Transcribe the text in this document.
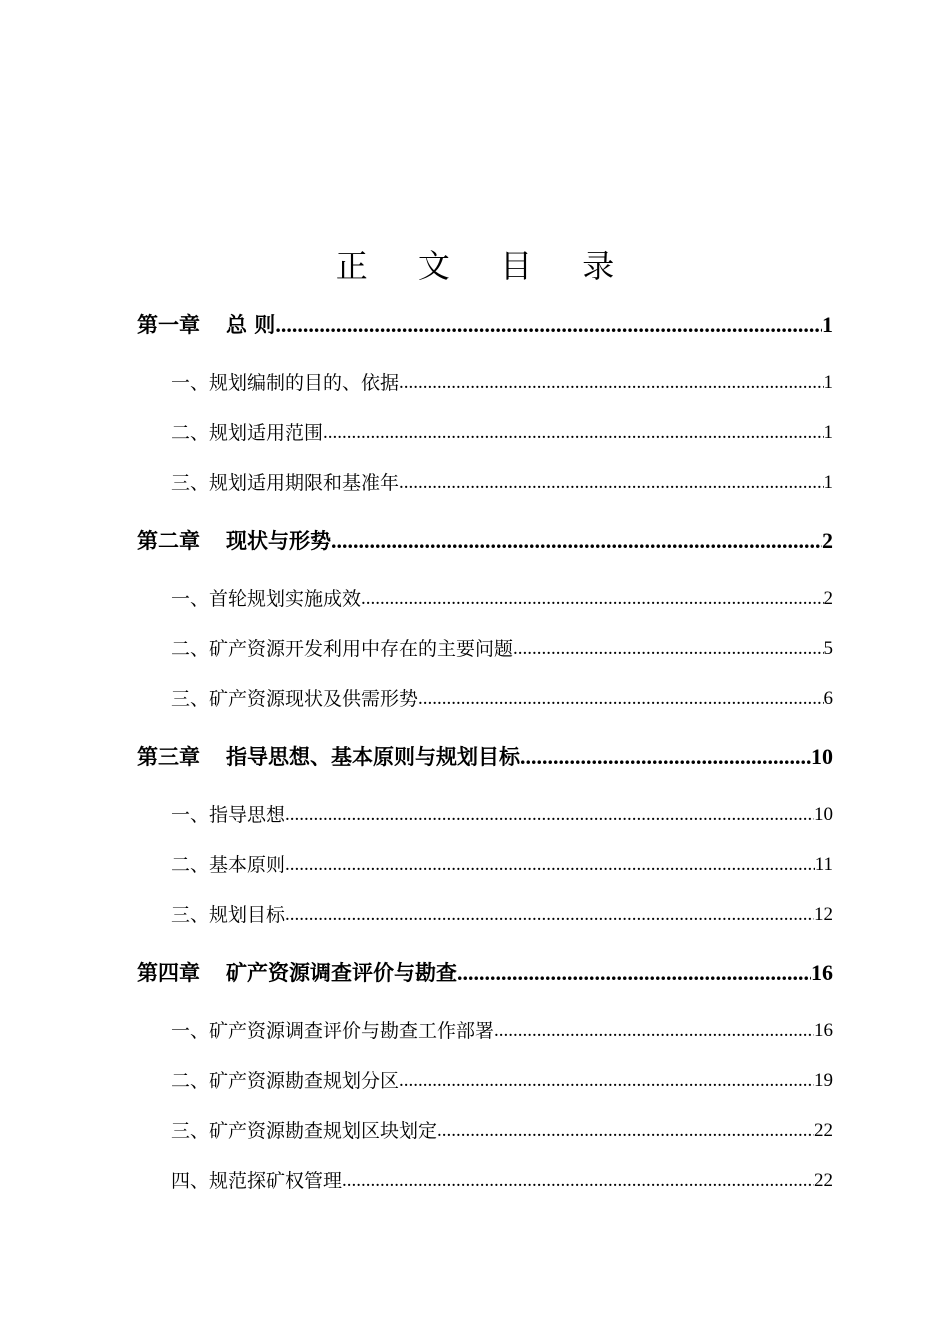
正 文 目 录
第一章 总 则 .....	1
一、规划编制的目的、依据 .....	1
二、规划适用范围 .....	1
三、规划适用期限和基准年 .....	1
第二章 现状与形势 .....	2
一、首轮规划实施成效 .....	2
二、矿产资源开发利用中存在的主要问题 .....	5
三、矿产资源现状及供需形势 .....	6
第三章 指导思想、基本原则与规划目标 .....	10
一、指导思想 .....	10
二、基本原则 .....	11
三、规划目标 .....	12
第四章 矿产资源调查评价与勘查 .....	16
一、矿产资源调查评价与勘查工作部署 .....	16
二、矿产资源勘查规划分区 .....	19
三、矿产资源勘查规划区块划定 .....	22
四、规范探矿权管理 .....	22
